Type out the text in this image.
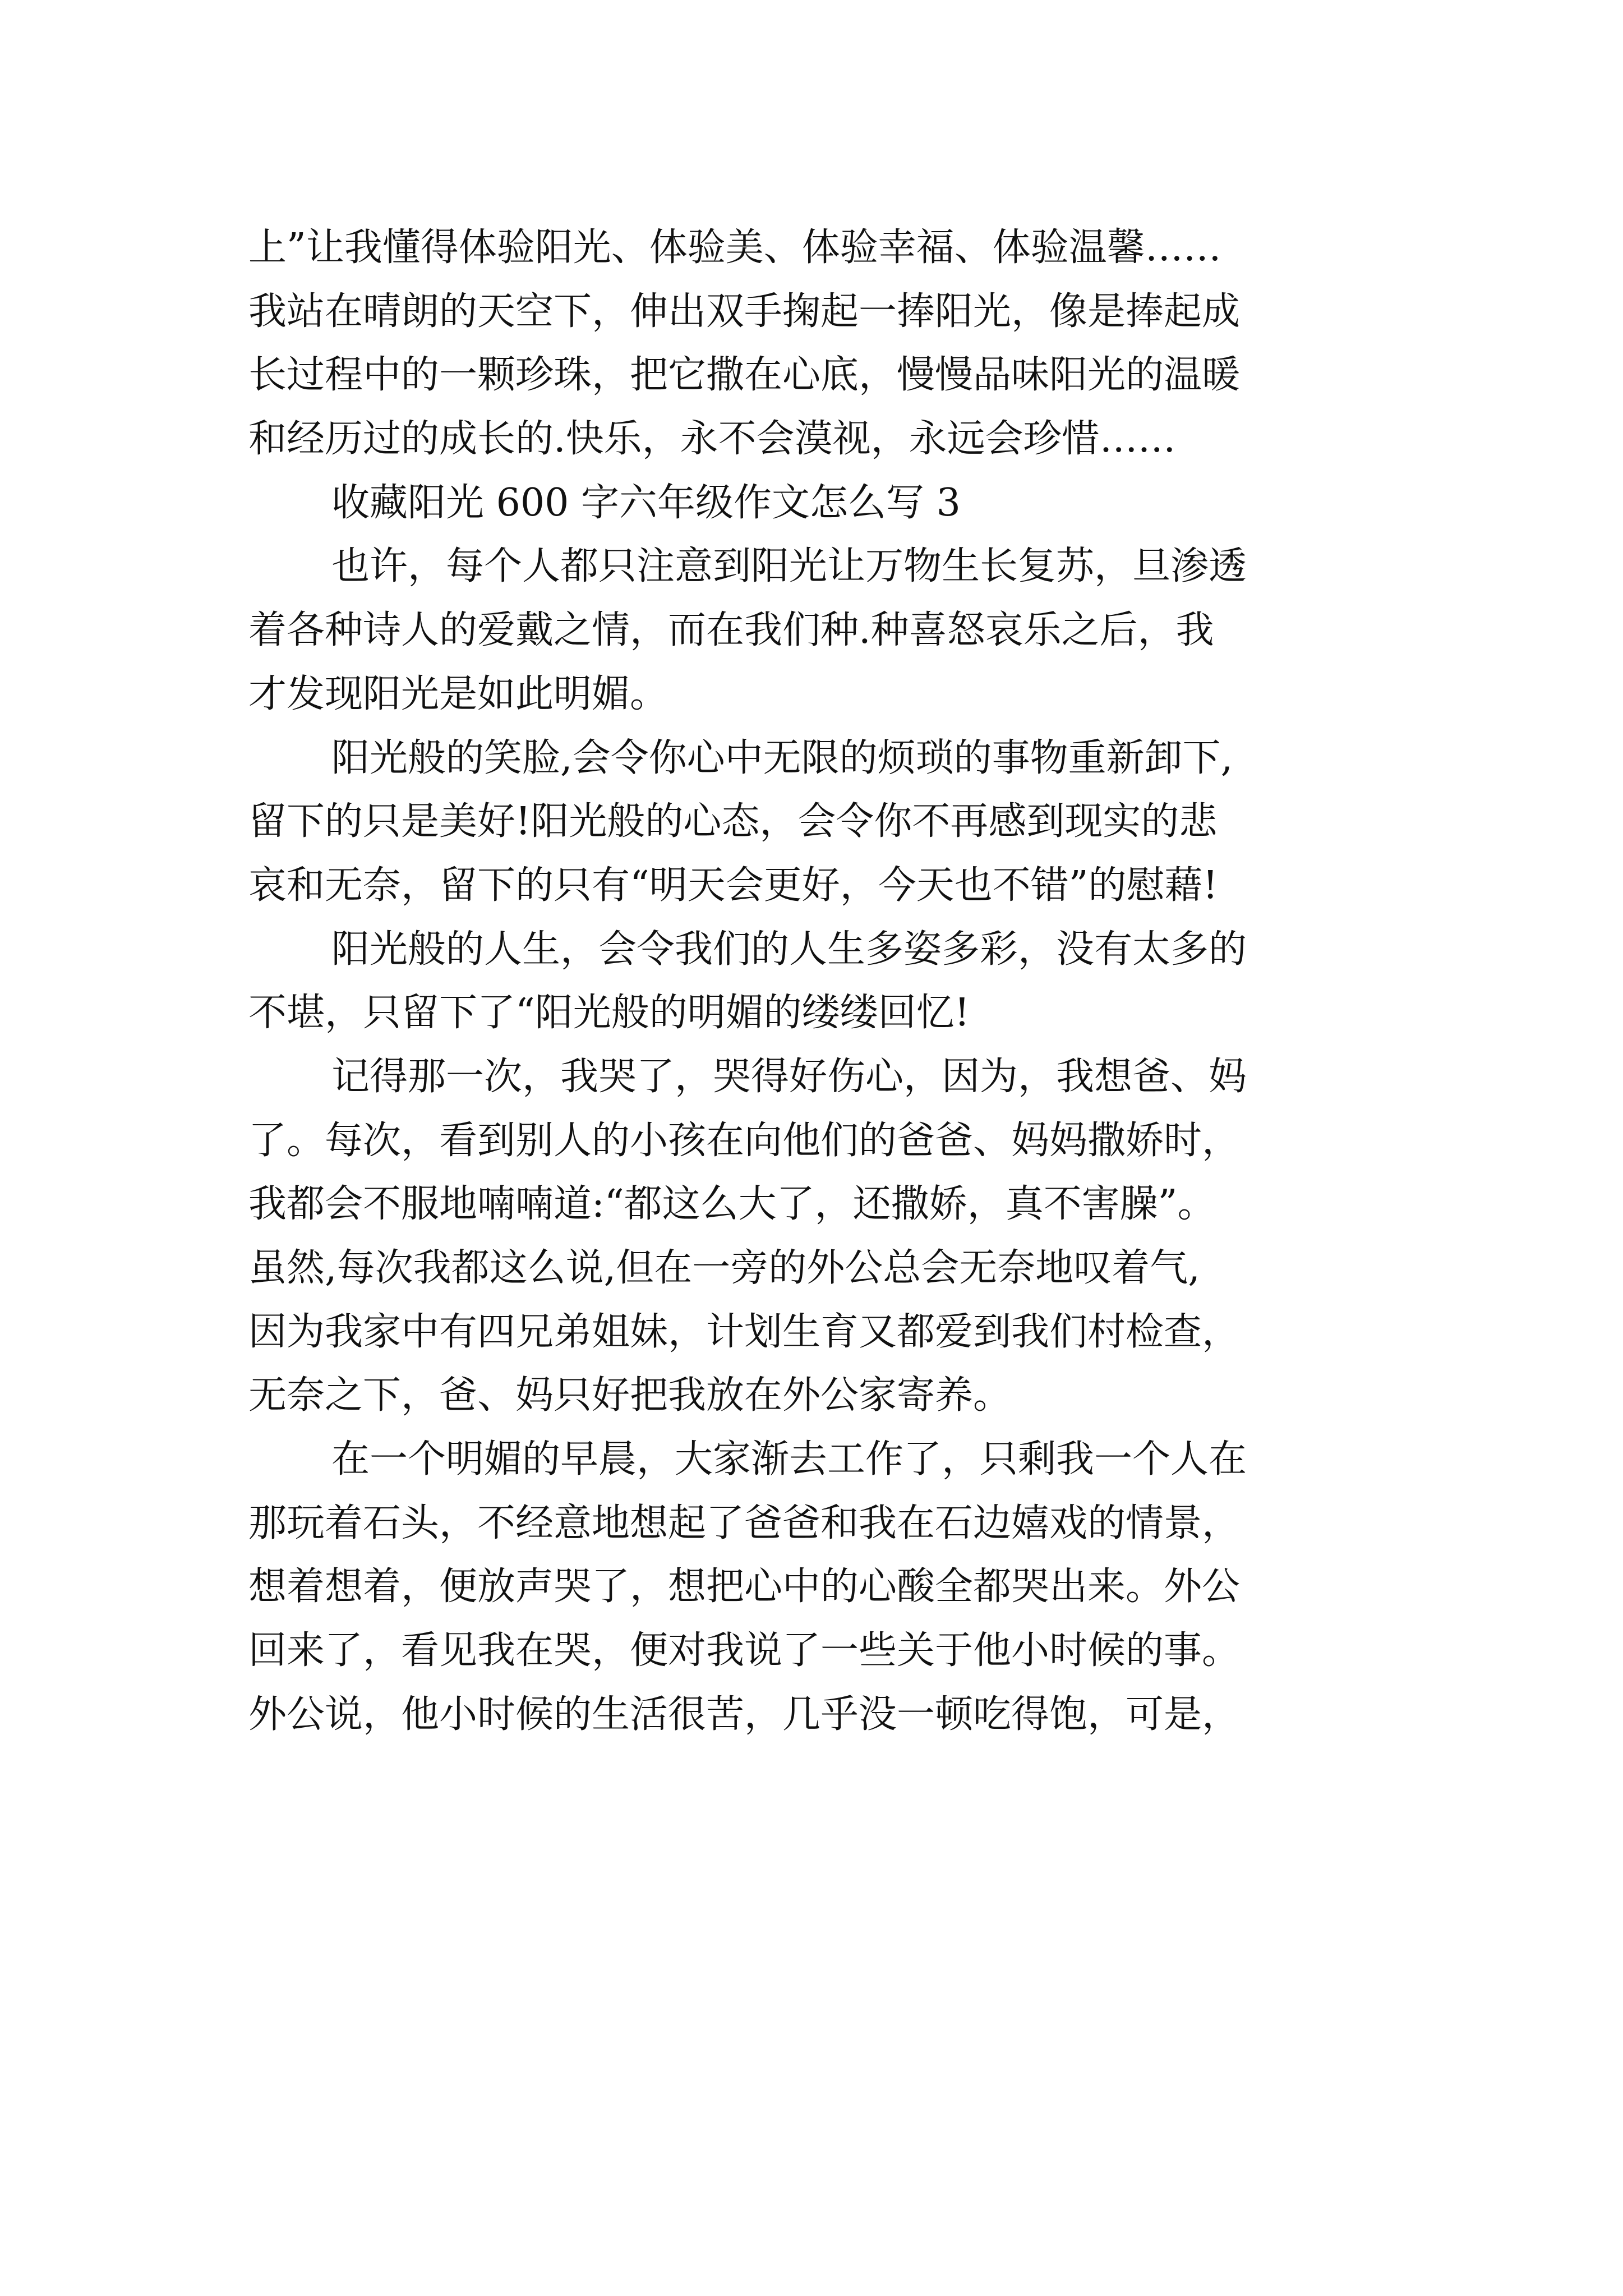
上”让我懂得体验阳光、体验美、体验幸福、体验温馨……
我站在晴朗的天空下，伸出双手掬起一捧阳光，像是捧起成
长过程中的一颗珍珠，把它撒在心底，慢慢品味阳光的温暖
和经历过的成长的.快乐，永不会漠视，永远会珍惜……
收藏阳光 600 字六年级作文怎么写 3
也许，每个人都只注意到阳光让万物生长复苏，旦渗透
着各种诗人的爱戴之情，而在我们种.种喜怒哀乐之后，我
才发现阳光是如此明媚。
阳光般的笑脸,会令你心中无限的烦琐的事物重新卸下,
留下的只是美好!阳光般的心态，会令你不再感到现实的悲
哀和无奈，留下的只有“明天会更好，今天也不错”的慰藉!
阳光般的人生，会令我们的人生多姿多彩，没有太多的
不堪，只留下了“阳光般的明媚的缕缕回忆!
记得那一次，我哭了，哭得好伤心，因为，我想爸、妈
了。每次，看到别人的小孩在向他们的爸爸、妈妈撒娇时，
我都会不服地喃喃道:“都这么大了，还撒娇，真不害臊”。
虽然,每次我都这么说,但在一旁的外公总会无奈地叹着气,
因为我家中有四兄弟姐妹，计划生育又都爱到我们村检查，
无奈之下，爸、妈只好把我放在外公家寄养。
在一个明媚的早晨，大家渐去工作了，只剩我一个人在
那玩着石头，不经意地想起了爸爸和我在石边嬉戏的情景，
想着想着，便放声哭了，想把心中的心酸全都哭出来。外公
回来了，看见我在哭，便对我说了一些关于他小时候的事。
外公说，他小时候的生活很苦，几乎没一顿吃得饱，可是，
